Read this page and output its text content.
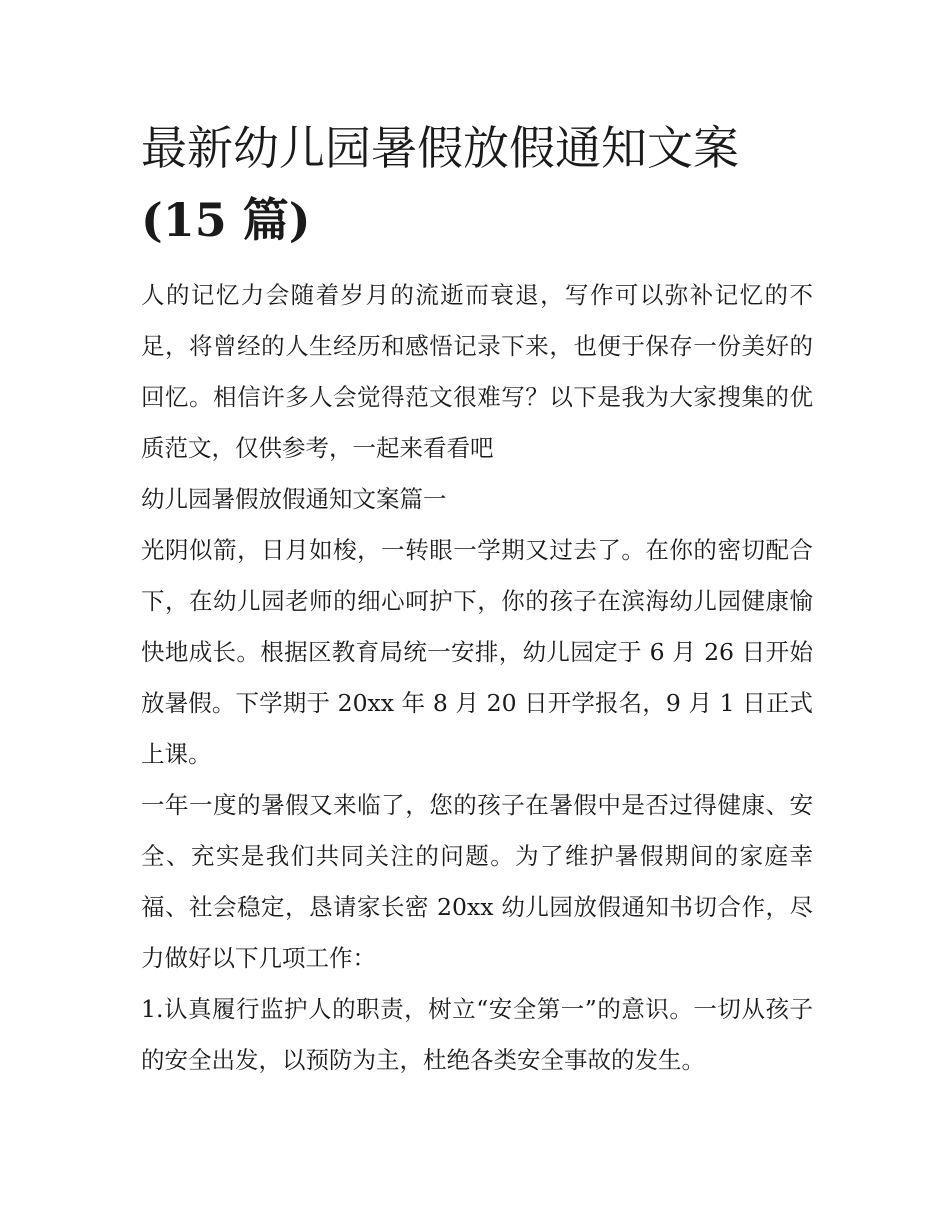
最新幼儿园暑假放假通知文案
(15 篇)

人的记忆力会随着岁月的流逝而衰退，写作可以弥补记忆的不足，将曾经的人生经历和感悟记录下来，也便于保存一份美好的回忆。相信许多人会觉得范文很难写？以下是我为大家搜集的优质范文，仅供参考，一起来看看吧

幼儿园暑假放假通知文案篇一

光阴似箭，日月如梭，一转眼一学期又过去了。在你的密切配合下，在幼儿园老师的细心呵护下，你的孩子在滨海幼儿园健康愉快地成长。根据区教育局统一安排，幼儿园定于 6 月 26 日开始放暑假。下学期于 20xx 年 8 月 20 日开学报名，9 月 1 日正式上课。

一年一度的暑假又来临了，您的孩子在暑假中是否过得健康、安全、充实是我们共同关注的问题。为了维护暑假期间的家庭幸福、社会稳定，恳请家长密 20xx 幼儿园放假通知书切合作，尽力做好以下几项工作：

1.认真履行监护人的职责，树立“安全第一”的意识。一切从孩子的安全出发，以预防为主，杜绝各类安全事故的发生。
